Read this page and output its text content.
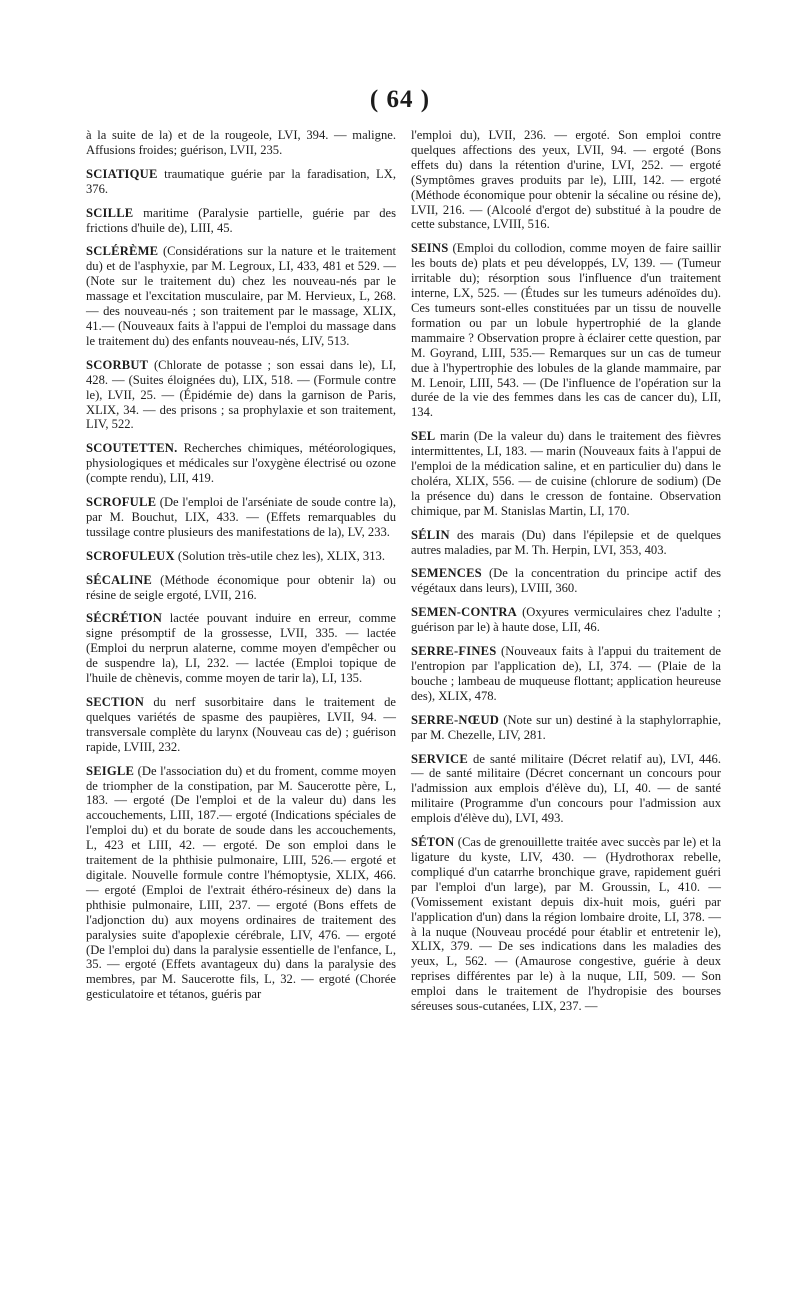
( 64 )

à la suite de la) et de la rougeole, LVI, 394. — maligne. Affusions froides; guérison, LVII, 235.

SCIATIQUE traumatique guérie par la faradisation, LX, 376.

SCILLE maritime (Paralysie partielle, guérie par des frictions d'huile de), LIII, 45.

SCLÉRÈME (Considérations sur la nature et le traitement du) et de l'asphyxie, par M. Legroux, LI, 433, 481 et 529. — (Note sur le traitement du) chez les nouveau-nés par le massage et l'excitation musculaire, par M. Hervieux, L, 268. — des nouveau-nés ; son traitement par le massage, XLIX, 41.— (Nouveaux faits à l'appui de l'emploi du massage dans le traitement du) des enfants nouveau-nés, LIV, 513.

SCORBUT (Chlorate de potasse ; son essai dans le), LI, 428. — (Suites éloignées du), LIX, 518. — (Formule contre le), LVII, 25. — (Épidémie de) dans la garnison de Paris, XLIX, 34. — des prisons ; sa prophylaxie et son traitement, LIV, 522.

SCOUTETTEN. Recherches chimiques, météorologiques, physiologiques et médicales sur l'oxygène électrisé ou ozone (compte rendu), LII, 419.

SCROFULE (De l'emploi de l'arséniate de soude contre la), par M. Bouchut, LIX, 433. — (Effets remarquables du tussilage contre plusieurs des manifestations de la), LV, 233.

SCROFULEUX (Solution très-utile chez les), XLIX, 313.

SÉCALINE (Méthode économique pour obtenir la) ou résine de seigle ergoté, LVII, 216.

SÉCRÉTION lactée pouvant induire en erreur, comme signe présomptif de la grossesse, LVII, 335. — lactée (Emploi du nerprun alaterne, comme moyen d'empêcher ou de suspendre la), LI, 232. — lactée (Emploi topique de l'huile de chènevis, comme moyen de tarir la), LI, 135.

SECTION du nerf susorbitaire dans le traitement de quelques variétés de spasme des paupières, LVII, 94. — transversale complète du larynx (Nouveau cas de) ; guérison rapide, LVIII, 232.

SEIGLE (De l'association du) et du froment, comme moyen de triompher de la constipation, par M. Saucerotte père, L, 183. — ergoté (De l'emploi et de la valeur du) dans les accouchements, LIII, 187.— ergoté (Indications spéciales de l'emploi du) et du borate de soude dans les accouchements, L, 423 et LIII, 42. — ergoté. De son emploi dans le traitement de la phthisie pulmonaire, LIII, 526.— ergoté et digitale. Nouvelle formule contre l'hémoptysie, XLIX, 466. — ergoté (Emploi de l'extrait éthéro-résineux de) dans la phthisie pulmonaire, LIII, 237. — ergoté (Bons effets de l'adjonction du) aux moyens ordinaires de traitement des paralysies suite d'apoplexie cérébrale, LIV, 476. — ergoté (De l'emploi du) dans la paralysie essentielle de l'enfance, L, 35. — ergoté (Effets avantageux du) dans la paralysie des membres, par M. Saucerotte fils, L, 32. — ergoté (Chorée gesticulatoire et tétanos, guéris par

l'emploi du), LVII, 236. — ergoté. Son emploi contre quelques affections des yeux, LVII, 94. — ergoté (Bons effets du) dans la rétention d'urine, LVI, 252. — ergoté (Symptômes graves produits par le), LIII, 142. — ergoté (Méthode économique pour obtenir la sécaline ou résine de), LVII, 216. — (Alcoolé d'ergot de) substitué à la poudre de cette substance, LVIII, 516.

SEINS (Emploi du collodion, comme moyen de faire saillir les bouts de) plats et peu développés, LV, 139. — (Tumeur irritable du); résorption sous l'influence d'un traitement interne, LX, 525. — (Études sur les tumeurs adénoïdes du). Ces tumeurs sont-elles constituées par un tissu de nouvelle formation ou par un lobule hypertrophié de la glande mammaire ? Observation propre à éclairer cette question, par M. Goyrand, LIII, 535.— Remarques sur un cas de tumeur due à l'hypertrophie des lobules de la glande mammaire, par M. Lenoir, LIII, 543. — (De l'influence de l'opération sur la durée de la vie des femmes dans les cas de cancer du), LII, 134.

SEL marin (De la valeur du) dans le traitement des fièvres intermittentes, LI, 183. — marin (Nouveaux faits à l'appui de l'emploi de la médication saline, et en particulier du) dans le choléra, XLIX, 556. — de cuisine (chlorure de sodium) (De la présence du) dans le cresson de fontaine. Observation chimique, par M. Stanislas Martin, LI, 170.

SÉLIN des marais (Du) dans l'épilepsie et de quelques autres maladies, par M. Th. Herpin, LVI, 353, 403.

SEMENCES (De la concentration du principe actif des végétaux dans leurs), LVIII, 360.

SEMEN-CONTRA (Oxyures vermiculaires chez l'adulte ; guérison par le) à haute dose, LII, 46.

SERRE-FINES (Nouveaux faits à l'appui du traitement de l'entropion par l'application de), LI, 374. — (Plaie de la bouche ; lambeau de muqueuse flottant; application heureuse des), XLIX, 478.

SERRE-NŒUD (Note sur un) destiné à la staphylorraphie, par M. Chezelle, LIV, 281.

SERVICE de santé militaire (Décret relatif au), LVI, 446. — de santé militaire (Décret concernant un concours pour l'admission aux emplois d'élève du), LI, 40. — de santé militaire (Programme d'un concours pour l'admission aux emplois d'élève du), LVI, 493.

SÉTON (Cas de grenouillette traitée avec succès par le) et la ligature du kyste, LIV, 430. — (Hydrothorax rebelle, compliqué d'un catarrhe bronchique grave, rapidement guéri par l'emploi d'un large), par M. Groussin, L, 410. — (Vomissement existant depuis dix-huit mois, guéri par l'application d'un) dans la région lombaire droite, LI, 378. — à la nuque (Nouveau procédé pour établir et entretenir le), XLIX, 379. — De ses indications dans les maladies des yeux, L, 562. — (Amaurose congestive, guérie à deux reprises différentes par le) à la nuque, LII, 509. — Son emploi dans le traitement de l'hydropisie des bourses séreuses sous-cutanées, LIX, 237. —
